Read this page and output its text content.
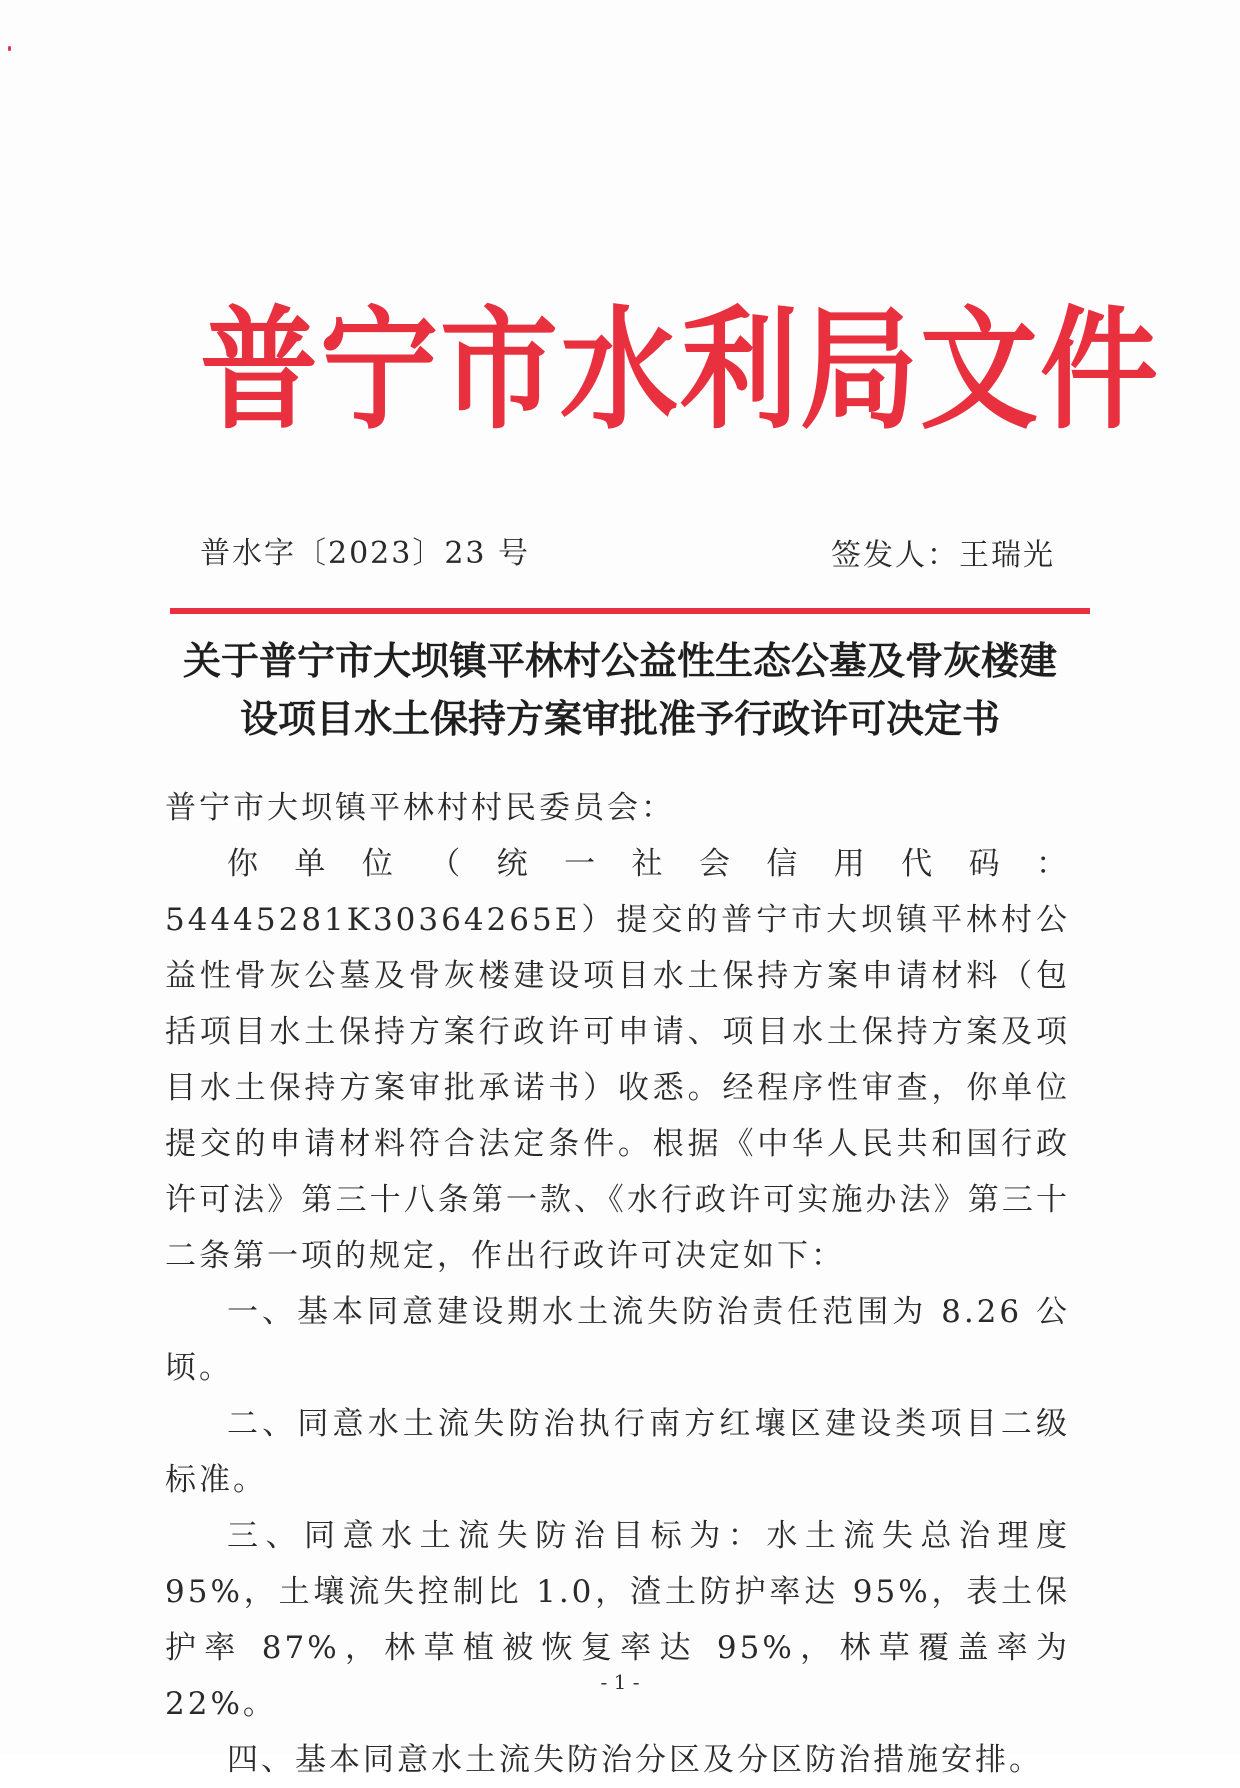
普宁市水利局文件
普水字〔2023〕23 号	签发人：王瑞光
关于普宁市大坝镇平林村公益性生态公墓及骨灰楼建
设项目水土保持方案审批准予行政许可决定书

普宁市大坝镇平林村村民委员会：

你单位（统一社会信用代码：54445281K30364265E）提交的普宁市大坝镇平林村公益性骨灰公墓及骨灰楼建设项目水土保持方案申请材料（包括项目水土保持方案行政许可申请、项目水土保持方案及项目水土保持方案审批承诺书）收悉。经程序性审查，你单位提交的申请材料符合法定条件。根据《中华人民共和国行政许可法》第三十八条第一款、《水行政许可实施办法》第三十二条第一项的规定，作出行政许可决定如下：

一、基本同意建设期水土流失防治责任范围为 8.26 公顷。

二、同意水土流失防治执行南方红壤区建设类项目二级标准。

三、同意水土流失防治目标为：水土流失总治理度 95%，土壤流失控制比 1.0，渣土防护率达 95%，表土保护率 87%，林草植被恢复率达 95%，林草覆盖率为 22%。

四、基本同意水土流失防治分区及分区防治措施安排。

- 1 -
